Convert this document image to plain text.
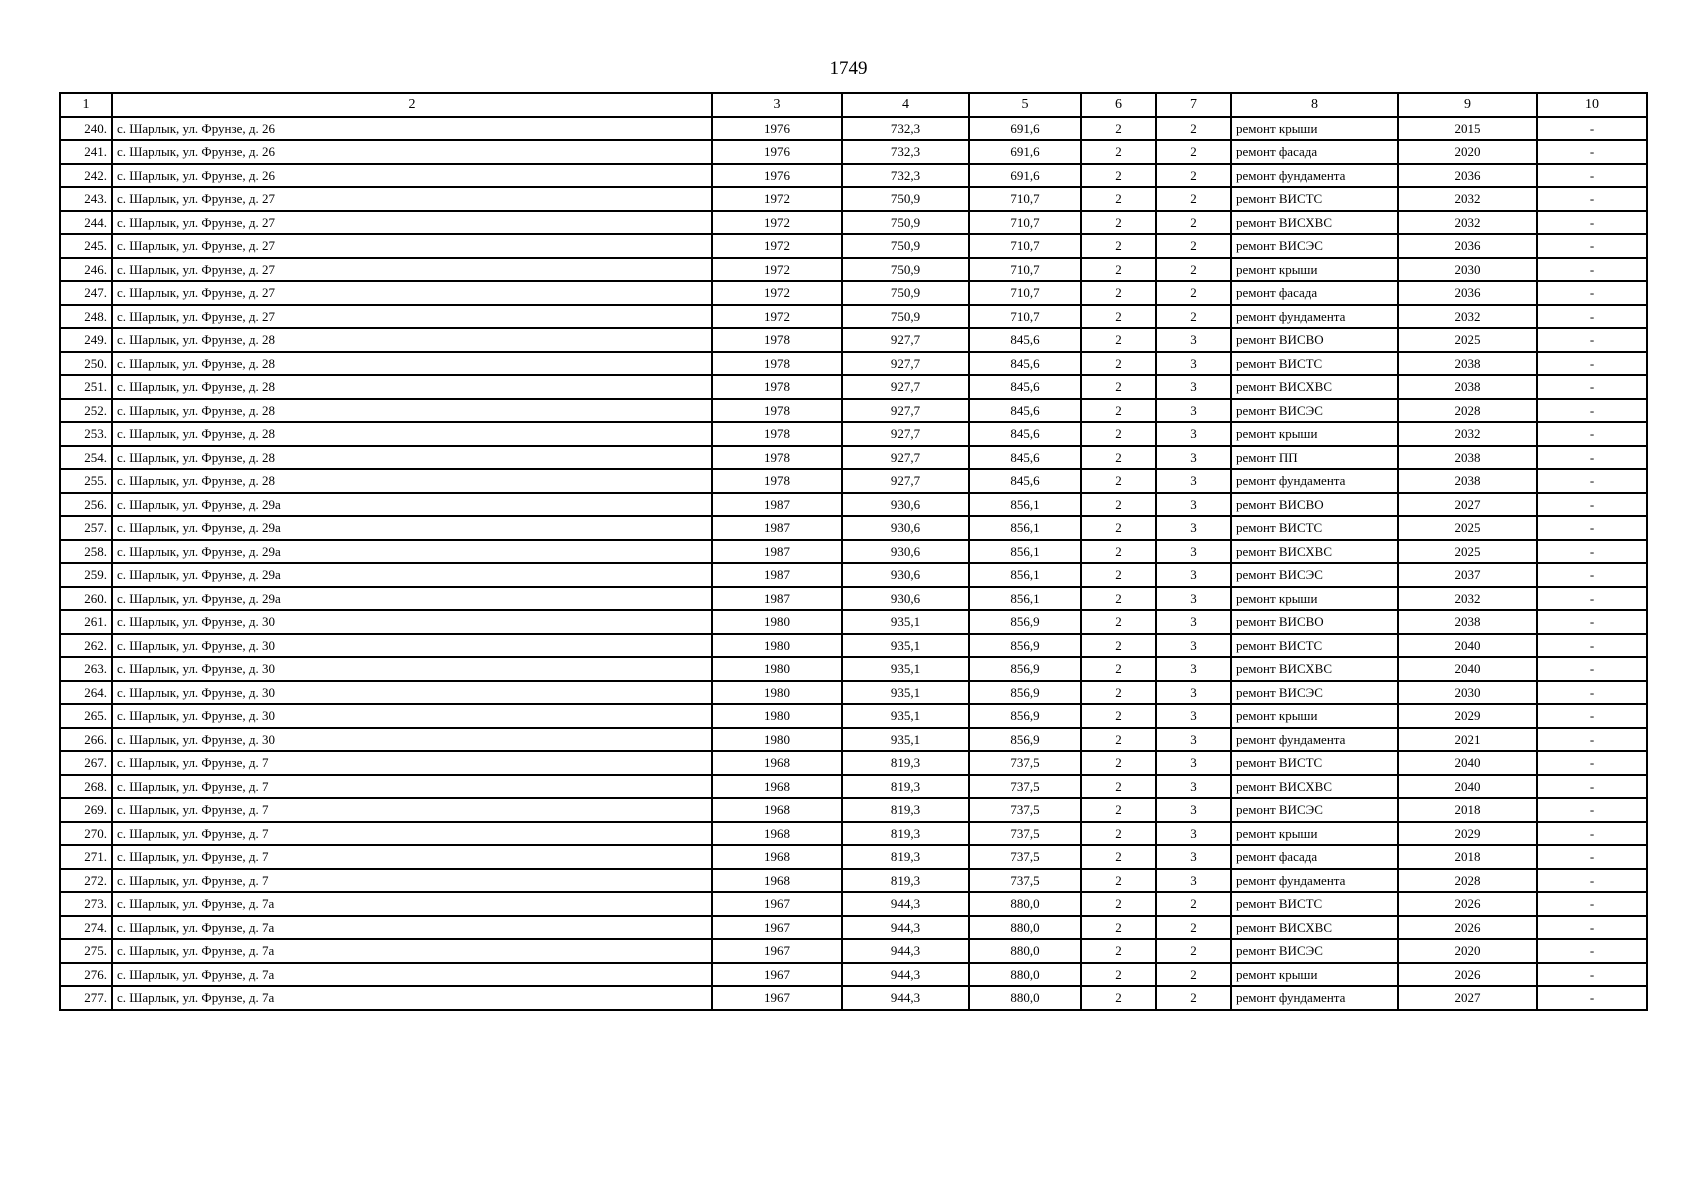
1749
1	2	3	4	5	6	7	8	9	10
240.	с. Шарлык, ул. Фрунзе, д. 26	1976	732,3	691,6	2	2	ремонт крыши	2015	-
241.	с. Шарлык, ул. Фрунзе, д. 26	1976	732,3	691,6	2	2	ремонт фасада	2020	-
242.	с. Шарлык, ул. Фрунзе, д. 26	1976	732,3	691,6	2	2	ремонт фундамента	2036	-
243.	с. Шарлык, ул. Фрунзе, д. 27	1972	750,9	710,7	2	2	ремонт ВИСТС	2032	-
244.	с. Шарлык, ул. Фрунзе, д. 27	1972	750,9	710,7	2	2	ремонт ВИСХВС	2032	-
245.	с. Шарлык, ул. Фрунзе, д. 27	1972	750,9	710,7	2	2	ремонт ВИСЭС	2036	-
246.	с. Шарлык, ул. Фрунзе, д. 27	1972	750,9	710,7	2	2	ремонт крыши	2030	-
247.	с. Шарлык, ул. Фрунзе, д. 27	1972	750,9	710,7	2	2	ремонт фасада	2036	-
248.	с. Шарлык, ул. Фрунзе, д. 27	1972	750,9	710,7	2	2	ремонт фундамента	2032	-
249.	с. Шарлык, ул. Фрунзе, д. 28	1978	927,7	845,6	2	3	ремонт ВИСВО	2025	-
250.	с. Шарлык, ул. Фрунзе, д. 28	1978	927,7	845,6	2	3	ремонт ВИСТС	2038	-
251.	с. Шарлык, ул. Фрунзе, д. 28	1978	927,7	845,6	2	3	ремонт ВИСХВС	2038	-
252.	с. Шарлык, ул. Фрунзе, д. 28	1978	927,7	845,6	2	3	ремонт ВИСЭС	2028	-
253.	с. Шарлык, ул. Фрунзе, д. 28	1978	927,7	845,6	2	3	ремонт крыши	2032	-
254.	с. Шарлык, ул. Фрунзе, д. 28	1978	927,7	845,6	2	3	ремонт ПП	2038	-
255.	с. Шарлык, ул. Фрунзе, д. 28	1978	927,7	845,6	2	3	ремонт фундамента	2038	-
256.	с. Шарлык, ул. Фрунзе, д. 29а	1987	930,6	856,1	2	3	ремонт ВИСВО	2027	-
257.	с. Шарлык, ул. Фрунзе, д. 29а	1987	930,6	856,1	2	3	ремонт ВИСТС	2025	-
258.	с. Шарлык, ул. Фрунзе, д. 29а	1987	930,6	856,1	2	3	ремонт ВИСХВС	2025	-
259.	с. Шарлык, ул. Фрунзе, д. 29а	1987	930,6	856,1	2	3	ремонт ВИСЭС	2037	-
260.	с. Шарлык, ул. Фрунзе, д. 29а	1987	930,6	856,1	2	3	ремонт крыши	2032	-
261.	с. Шарлык, ул. Фрунзе, д. 30	1980	935,1	856,9	2	3	ремонт ВИСВО	2038	-
262.	с. Шарлык, ул. Фрунзе, д. 30	1980	935,1	856,9	2	3	ремонт ВИСТС	2040	-
263.	с. Шарлык, ул. Фрунзе, д. 30	1980	935,1	856,9	2	3	ремонт ВИСХВС	2040	-
264.	с. Шарлык, ул. Фрунзе, д. 30	1980	935,1	856,9	2	3	ремонт ВИСЭС	2030	-
265.	с. Шарлык, ул. Фрунзе, д. 30	1980	935,1	856,9	2	3	ремонт крыши	2029	-
266.	с. Шарлык, ул. Фрунзе, д. 30	1980	935,1	856,9	2	3	ремонт фундамента	2021	-
267.	с. Шарлык, ул. Фрунзе, д. 7	1968	819,3	737,5	2	3	ремонт ВИСТС	2040	-
268.	с. Шарлык, ул. Фрунзе, д. 7	1968	819,3	737,5	2	3	ремонт ВИСХВС	2040	-
269.	с. Шарлык, ул. Фрунзе, д. 7	1968	819,3	737,5	2	3	ремонт ВИСЭС	2018	-
270.	с. Шарлык, ул. Фрунзе, д. 7	1968	819,3	737,5	2	3	ремонт крыши	2029	-
271.	с. Шарлык, ул. Фрунзе, д. 7	1968	819,3	737,5	2	3	ремонт фасада	2018	-
272.	с. Шарлык, ул. Фрунзе, д. 7	1968	819,3	737,5	2	3	ремонт фундамента	2028	-
273.	с. Шарлык, ул. Фрунзе, д. 7а	1967	944,3	880,0	2	2	ремонт ВИСТС	2026	-
274.	с. Шарлык, ул. Фрунзе, д. 7а	1967	944,3	880,0	2	2	ремонт ВИСХВС	2026	-
275.	с. Шарлык, ул. Фрунзе, д. 7а	1967	944,3	880,0	2	2	ремонт ВИСЭС	2020	-
276.	с. Шарлык, ул. Фрунзе, д. 7а	1967	944,3	880,0	2	2	ремонт крыши	2026	-
277.	с. Шарлык, ул. Фрунзе, д. 7а	1967	944,3	880,0	2	2	ремонт фундамента	2027	-
